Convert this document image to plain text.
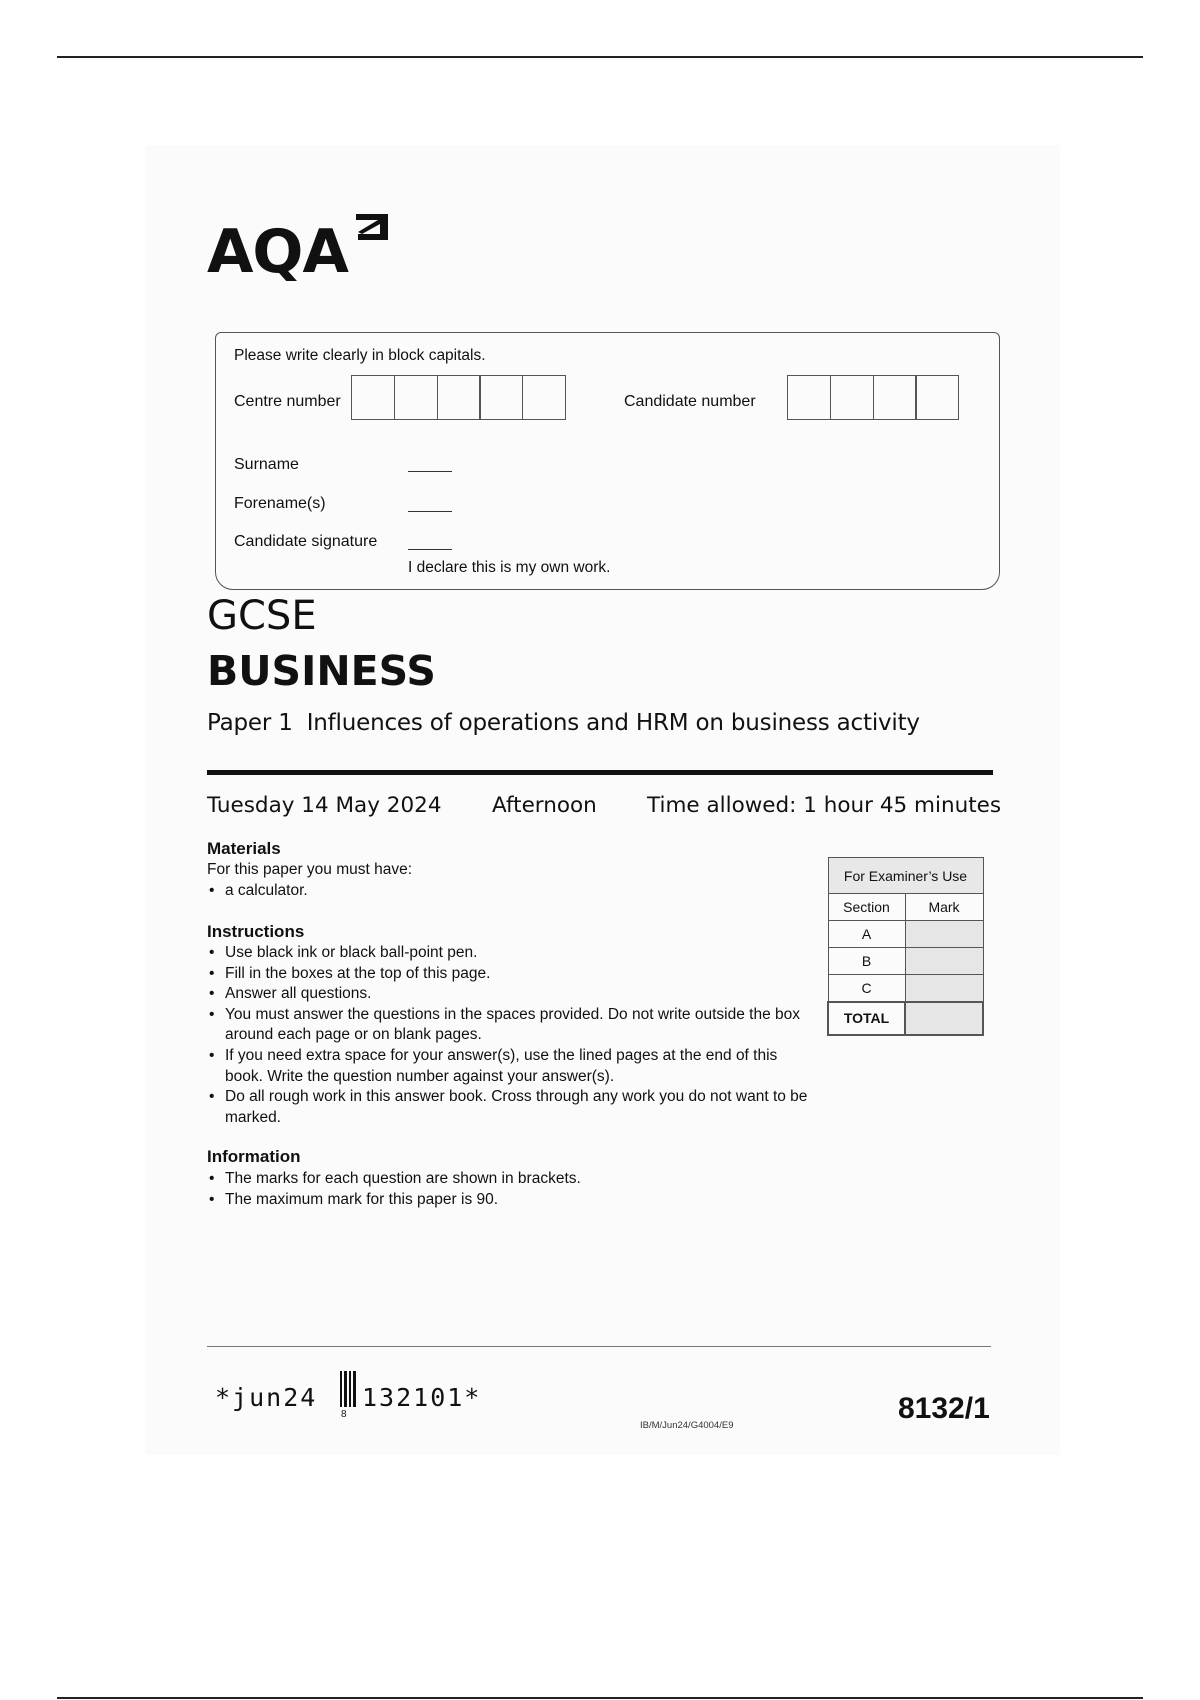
AQA
Please write clearly in block capitals.
Centre number	Candidate number
Surname
Forename(s)
Candidate signature
I declare this is my own work.
GCSE
BUSINESS
Paper 1 Influences of operations and HRM on business activity
Tuesday 14 May 2024 Afternoon Time allowed: 1 hour 45 minutes
Materials
For this paper you must have:
• a calculator.
Instructions
• Use black ink or black ball-point pen.
• Fill in the boxes at the top of this page.
• Answer all questions.
• You must answer the questions in the spaces provided. Do not write outside the box around each page or on blank pages.
• If you need extra space for your answer(s), use the lined pages at the end of this book. Write the question number against your answer(s).
• Do all rough work in this answer book. Cross through any work you do not want to be marked.
Information
• The marks for each question are shown in brackets.
• The maximum mark for this paper is 90.
For Examiner’s Use	
Section	Mark
A	
B	
C	
TOTAL	
*jun24
8
132101*
IB/M/Jun24/G4004/E9
8132/1
